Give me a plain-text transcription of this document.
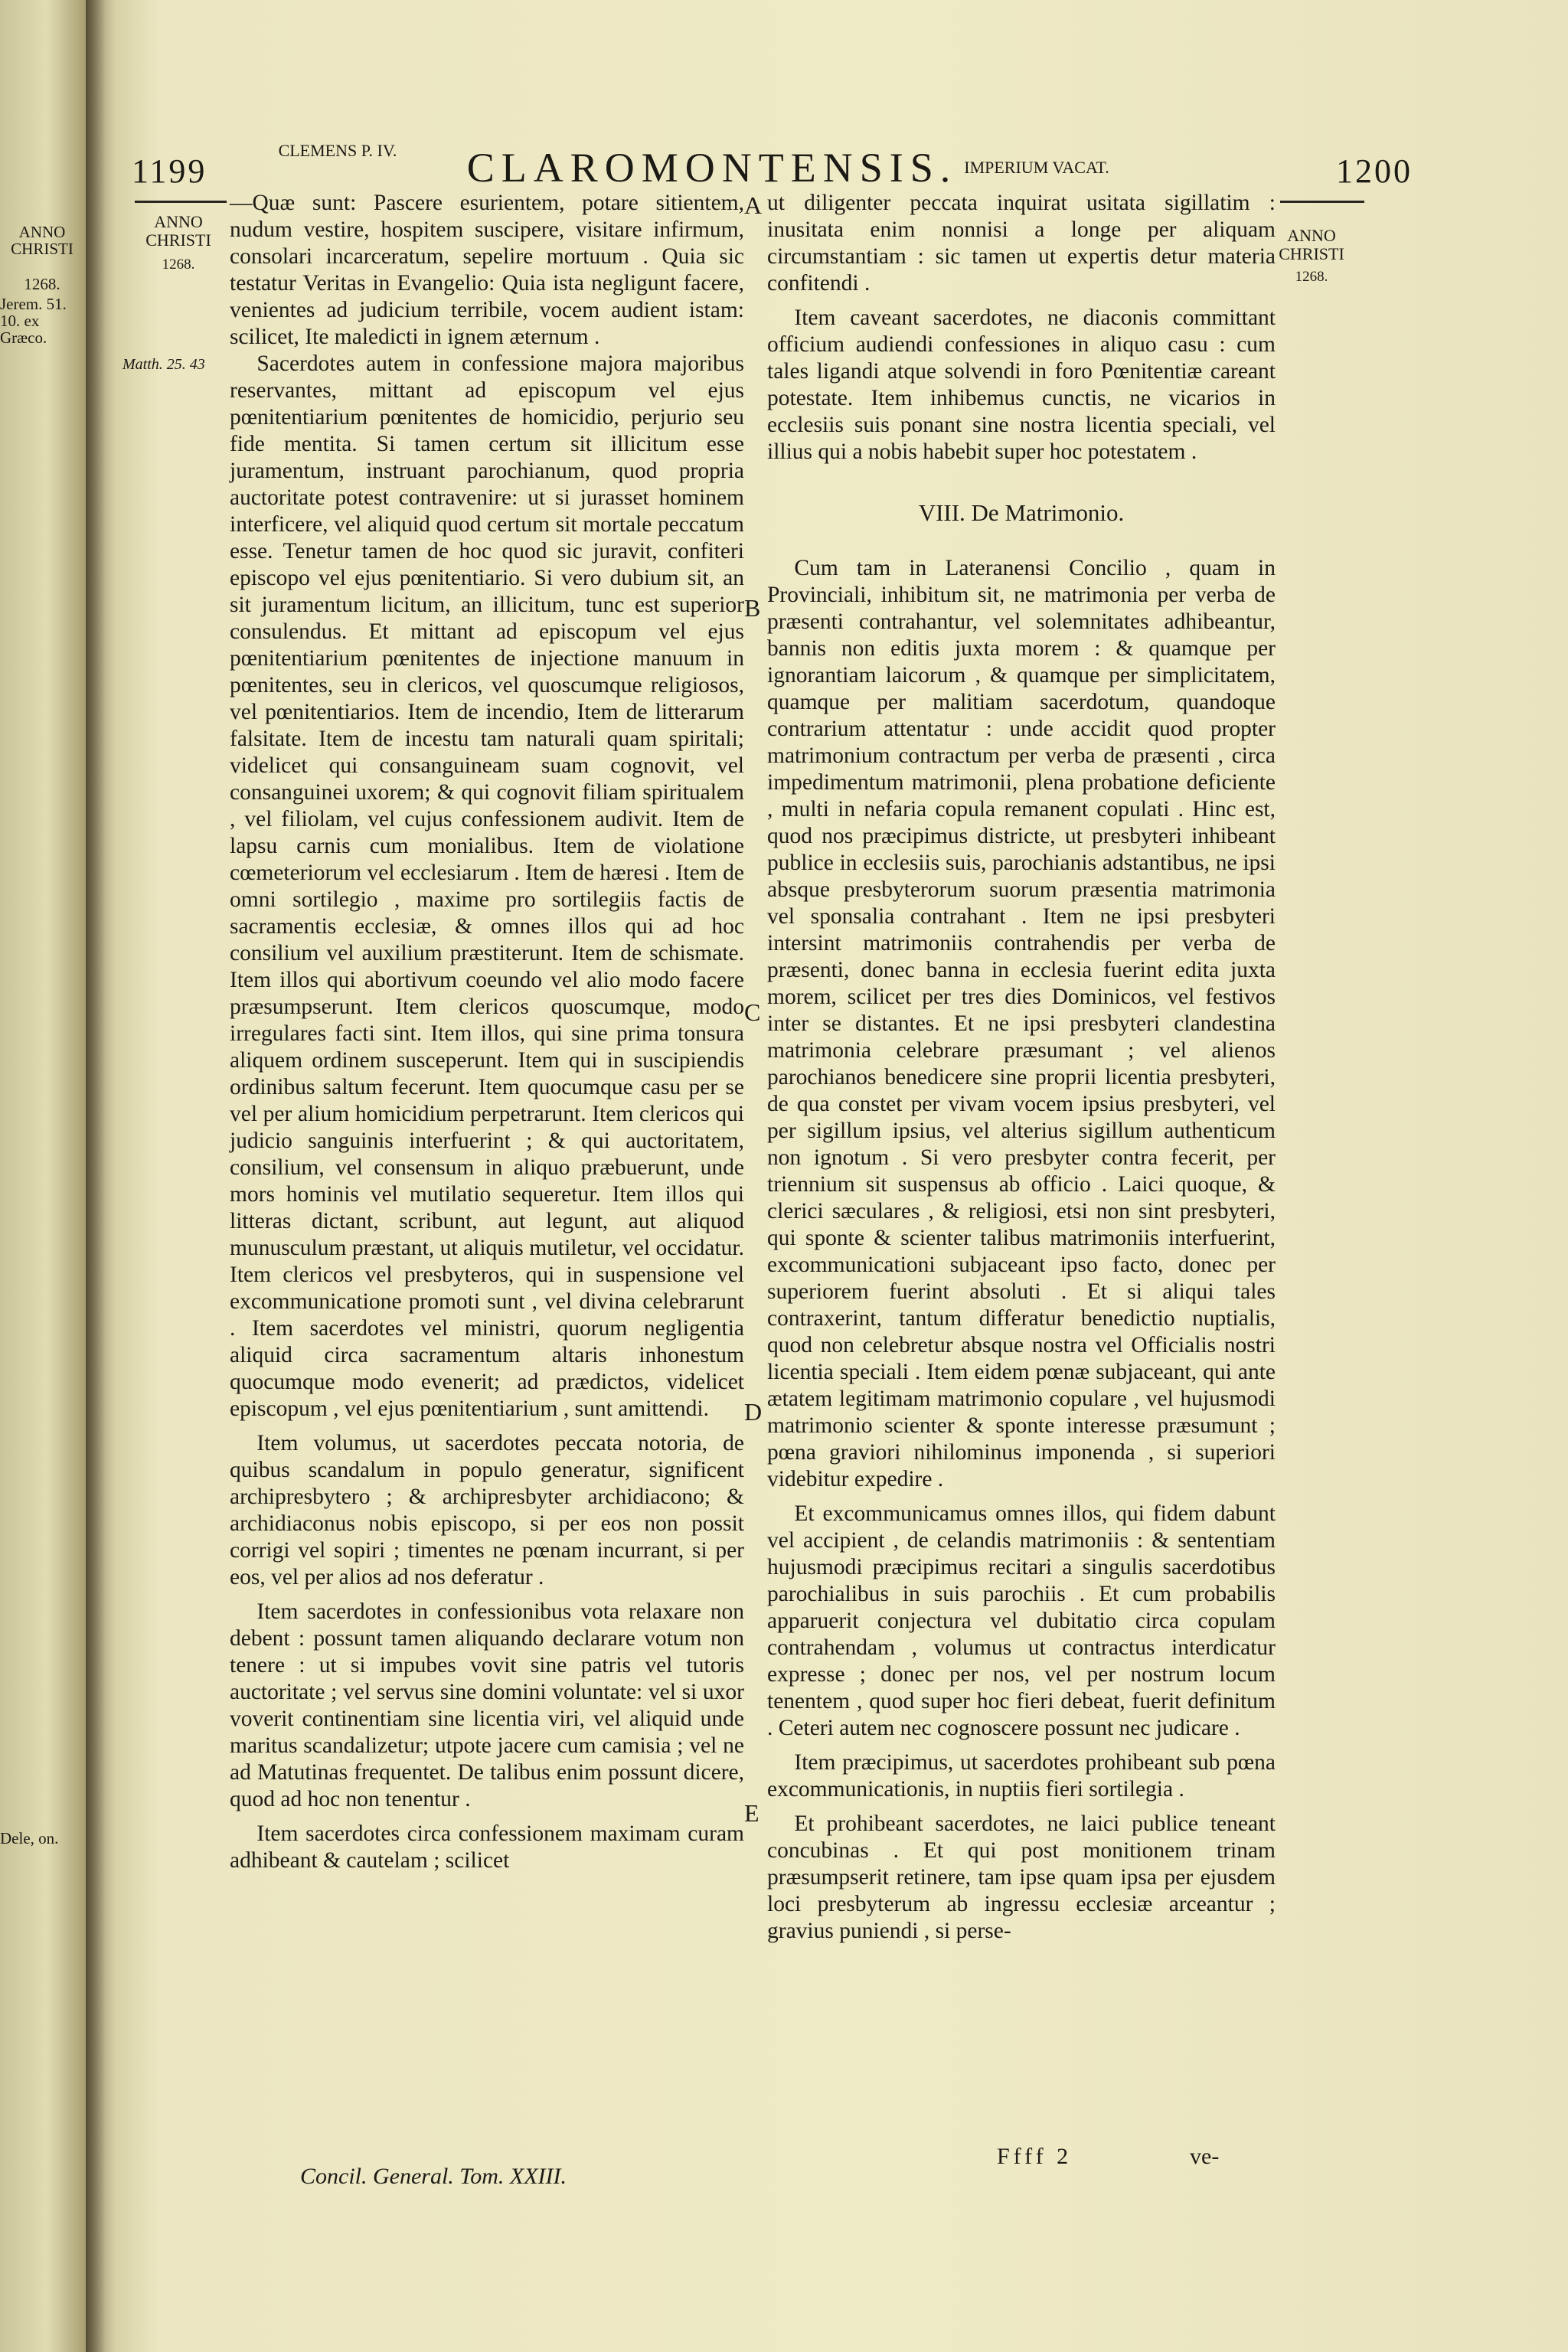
ANNO CHRISTI
1268.
Jerem. 51. 10. ex Græco.
Dele, on.
1199
CLEMENS P. IV.	CLAROMONTENSIS. IMPERIUM VACAT.	1200
ANNO CHRISTI
1268.
ANNO CHRISTI
1268.
Matth. 25. 43
A
B
C
D
E

—Quæ sunt: Pascere esurientem, potare sitientem, nudum vestire, hospitem suscipere, visitare infirmum, consolari incarceratum, sepelire mortuum . Quia sic testatur Veritas in Evangelio: Quia ista negligunt facere, venientes ad judicium terribile, vocem audient istam: scilicet, Ite maledicti in ignem æternum .

Sacerdotes autem in confessione majora majoribus reservantes, mittant ad episcopum vel ejus pœnitentiarium pœnitentes de homicidio, perjurio seu fide mentita. Si tamen certum sit illicitum esse juramentum, instruant parochianum, quod propria auctoritate potest contravenire: ut si jurasset hominem interficere, vel aliquid quod certum sit mortale peccatum esse. Tenetur tamen de hoc quod sic juravit, confiteri episcopo vel ejus pœnitentiario. Si vero dubium sit, an sit juramentum licitum, an illicitum, tunc est superior consulendus. Et mittant ad episcopum vel ejus pœnitentiarium pœnitentes de injectione manuum in pœnitentes, seu in clericos, vel quoscumque religiosos, vel pœnitentiarios. Item de incendio, Item de litterarum falsitate. Item de incestu tam naturali quam spiritali; videlicet qui consanguineam suam cognovit, vel consanguinei uxorem; & qui cognovit filiam spiritualem , vel filiolam, vel cujus confessionem audivit. Item de lapsu carnis cum monialibus. Item de violatione cœmeteriorum vel ecclesiarum . Item de hæresi . Item de omni sortilegio , maxime pro sortilegiis factis de sacramentis ecclesiæ, & omnes illos qui ad hoc consilium vel auxilium præstiterunt. Item de schismate. Item illos qui abortivum coeundo vel alio modo facere præsumpserunt. Item clericos quoscumque, modo irregulares facti sint. Item illos, qui sine prima tonsura aliquem ordinem susceperunt. Item qui in suscipiendis ordinibus saltum fecerunt. Item quocumque casu per se vel per alium homicidium perpetrarunt. Item clericos qui judicio sanguinis interfuerint ; & qui auctoritatem, consilium, vel consensum in aliquo præbuerunt, unde mors hominis vel mutilatio sequeretur. Item illos qui litteras dictant, scribunt, aut legunt, aut aliquod munusculum præstant, ut aliquis mutiletur, vel occidatur. Item clericos vel presbyteros, qui in suspensione vel excommunicatione promoti sunt , vel divina celebrarunt . Item sacerdotes vel ministri, quorum negligentia aliquid circa sacramentum altaris inhonestum quocumque modo evenerit; ad prædictos, videlicet episcopum , vel ejus pœnitentiarium , sunt amittendi.

Item volumus, ut sacerdotes peccata notoria, de quibus scandalum in populo generatur, significent archipresbytero ; & archipresbyter archidiacono; & archidiaconus nobis episcopo, si per eos non possit corrigi vel sopiri ; timentes ne pœnam incurrant, si per eos, vel per alios ad nos deferatur .

Item sacerdotes in confessionibus vota relaxare non debent : possunt tamen aliquando declarare votum non tenere : ut si impubes vovit sine patris vel tutoris auctoritate ; vel servus sine domini voluntate: vel si uxor voverit continentiam sine licentia viri, vel aliquid unde maritus scandalizetur; utpote jacere cum camisia ; vel ne ad Matutinas frequentet. De talibus enim possunt dicere, quod ad hoc non tenentur .

Item sacerdotes circa confessionem maximam curam adhibeant & cautelam ; scilicet

ut diligenter peccata inquirat usitata sigillatim : inusitata enim nonnisi a longe per aliquam circumstantiam : sic tamen ut expertis detur materia confitendi .

Item caveant sacerdotes, ne diaconis committant officium audiendi confessiones in aliquo casu : cum tales ligandi atque solvendi in foro Pœnitentiæ careant potestate. Item inhibemus cunctis, ne vicarios in ecclesiis suis ponant sine nostra licentia speciali, vel illius qui a nobis habebit super hoc potestatem .

VIII. De Matrimonio.

Cum tam in Lateranensi Concilio , quam in Provinciali, inhibitum sit, ne matrimonia per verba de præsenti contrahantur, vel solemnitates adhibeantur, bannis non editis juxta morem : & quamque per ignorantiam laicorum , & quamque per simplicitatem, quamque per malitiam sacerdotum, quandoque contrarium attentatur : unde accidit quod propter matrimonium contractum per verba de præsenti , circa impedimentum matrimonii, plena probatione deficiente , multi in nefaria copula remanent copulati . Hinc est, quod nos præcipimus districte, ut presbyteri inhibeant publice in ecclesiis suis, parochianis adstantibus, ne ipsi absque presbyterorum suorum præsentia matrimonia vel sponsalia contrahant . Item ne ipsi presbyteri intersint matrimoniis contrahendis per verba de præsenti, donec banna in ecclesia fuerint edita juxta morem, scilicet per tres dies Dominicos, vel festivos inter se distantes. Et ne ipsi presbyteri clandestina matrimonia celebrare præsumant ; vel alienos parochianos benedicere sine proprii licentia presbyteri, de qua constet per vivam vocem ipsius presbyteri, vel per sigillum ipsius, vel alterius sigillum authenticum non ignotum . Si vero presbyter contra fecerit, per triennium sit suspensus ab officio . Laici quoque, & clerici sæculares , & religiosi, etsi non sint presbyteri, qui sponte & scienter talibus matrimoniis interfuerint, excommunicationi subjaceant ipso facto, donec per superiorem fuerint absoluti . Et si aliqui tales contraxerint, tantum differatur benedictio nuptialis, quod non celebretur absque nostra vel Officialis nostri licentia speciali . Item eidem pœnæ subjaceant, qui ante ætatem legitimam matrimonio copulare , vel hujusmodi matrimonio scienter & sponte interesse præsumunt ; pœna graviori nihilominus imponenda , si superiori videbitur expedire .

Et excommunicamus omnes illos, qui fidem dabunt vel accipient , de celandis matrimoniis : & sententiam hujusmodi præcipimus recitari a singulis sacerdotibus parochialibus in suis parochiis . Et cum probabilis apparuerit conjectura vel dubitatio circa copulam contrahendam , volumus ut contractus interdicatur expresse ; donec per nos, vel per nostrum locum tenentem , quod super hoc fieri debeat, fuerit definitum . Ceteri autem nec cognoscere possunt nec judicare .

Item præcipimus, ut sacerdotes prohibeant sub pœna excommunicationis, in nuptiis fieri sortilegia .

Et prohibeant sacerdotes, ne laici publice teneant concubinas . Et qui post monitionem trinam præsumpserit retinere, tam ipse quam ipsa per ejusdem loci presbyterum ab ingressu ecclesiæ arceantur ; gravius puniendi , si perse-

Concil. General. Tom. XXIII.
Ffff 2	ve-
